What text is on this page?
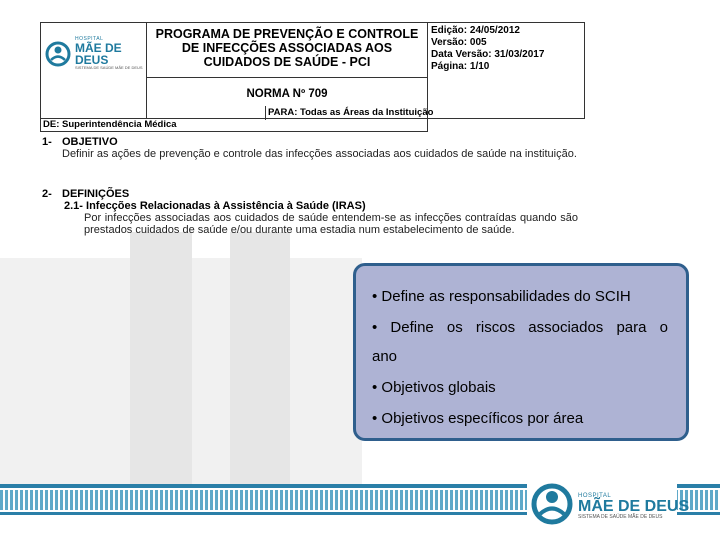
HOSPITAL
MÃE DE DEUS
SISTEMA DE SAÚDE MÃE DE DEUS

PROGRAMA DE PREVENÇÃO E CONTROLE
DE INFECÇÕES ASSOCIADAS AOS
CUIDADOS DE SAÚDE - PCI
NORMA Nº 709

Edição: 24/05/2012
Versão: 005
Data Versão: 31/03/2017
Página: 1/10

DE: Superintendência Médica
PARA: Todas as Áreas da Instituição
1- OBJETIVO
Definir as ações de prevenção e controle das infecções associadas aos cuidados de saúde na instituição.
2- DEFINIÇÕES
2.1- Infecções Relacionadas à Assistência à Saúde (IRAS)
Por infecções associadas aos cuidados de saúde entendem-se as infecções contraídas quando são prestados cuidados de saúde e/ou durante uma estadia num estabelecimento de saúde.

• Define as responsabilidades do SCIH

• Define os riscos associados para o

ano

• Objetivos globais

• Objetivos específicos por área

HOSPITAL
MÃE DE DEUS
SISTEMA DE SAÚDE MÃE DE DEUS
